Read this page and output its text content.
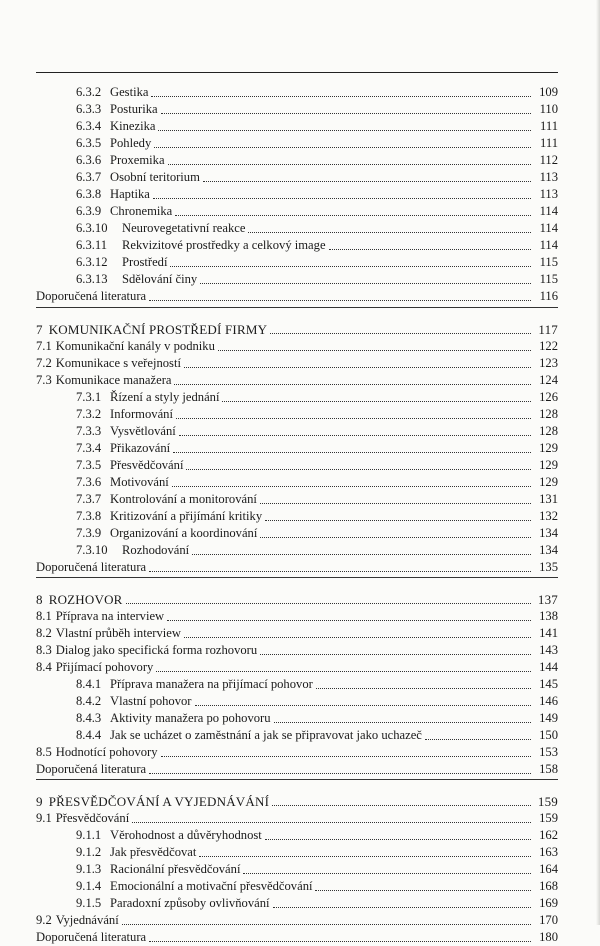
6.3.2 Gestika	109
6.3.3 Posturika	110
6.3.4 Kinezika	111
6.3.5 Pohledy	111
6.3.6 Proxemika	112
6.3.7 Osobní teritorium	113
6.3.8 Haptika	113
6.3.9 Chronemika	114
6.3.10	Neurovegetativní reakce	114
6.3.11	Rekvizitové prostředky a celkový image	114
6.3.12	Prostředí	115
6.3.13	Sdělování činy	115
Doporučená literatura	116
7 KOMUNIKAČNÍ PROSTŘEDÍ FIRMY	117
7.1 Komunikační kanály v podniku	122
7.2 Komunikace s veřejností	123
7.3 Komunikace manažera	124
7.3.1 Řízení a styly jednání	126
7.3.2 Informování	128
7.3.3 Vysvětlování	128
7.3.4 Přikazování	129
7.3.5 Přesvědčování	129
7.3.6 Motivování	129
7.3.7 Kontrolování a monitorování	131
7.3.8 Kritizování a přijímání kritiky	132
7.3.9 Organizování a koordinování	134
7.3.10	Rozhodování	134
Doporučená literatura	135
8 ROZHOVOR	137
8.1 Příprava na interview	138
8.2 Vlastní průběh interview	141
8.3 Dialog jako specifická forma rozhovoru	143
8.4 Přijímací pohovory	144
8.4.1 Příprava manažera na přijímací pohovor	145
8.4.2 Vlastní pohovor	146
8.4.3 Aktivity manažera po pohovoru	149
8.4.4 Jak se ucházet o zaměstnání a jak se připravovat jako uchazeč	150
8.5 Hodnotící pohovory	153
Doporučená literatura	158
9 PŘESVĚDČOVÁNÍ A VYJEDNÁVÁNÍ	159
9.1 Přesvědčování	159
9.1.1 Věrohodnost a důvěryhodnost	162
9.1.2 Jak přesvědčovat	163
9.1.3 Racionální přesvědčování	164
9.1.4 Emocionální a motivační přesvědčování	168
9.1.5 Paradoxní způsoby ovlivňování	169
9.2 Vyjednávání	170
Doporučená literatura	180
